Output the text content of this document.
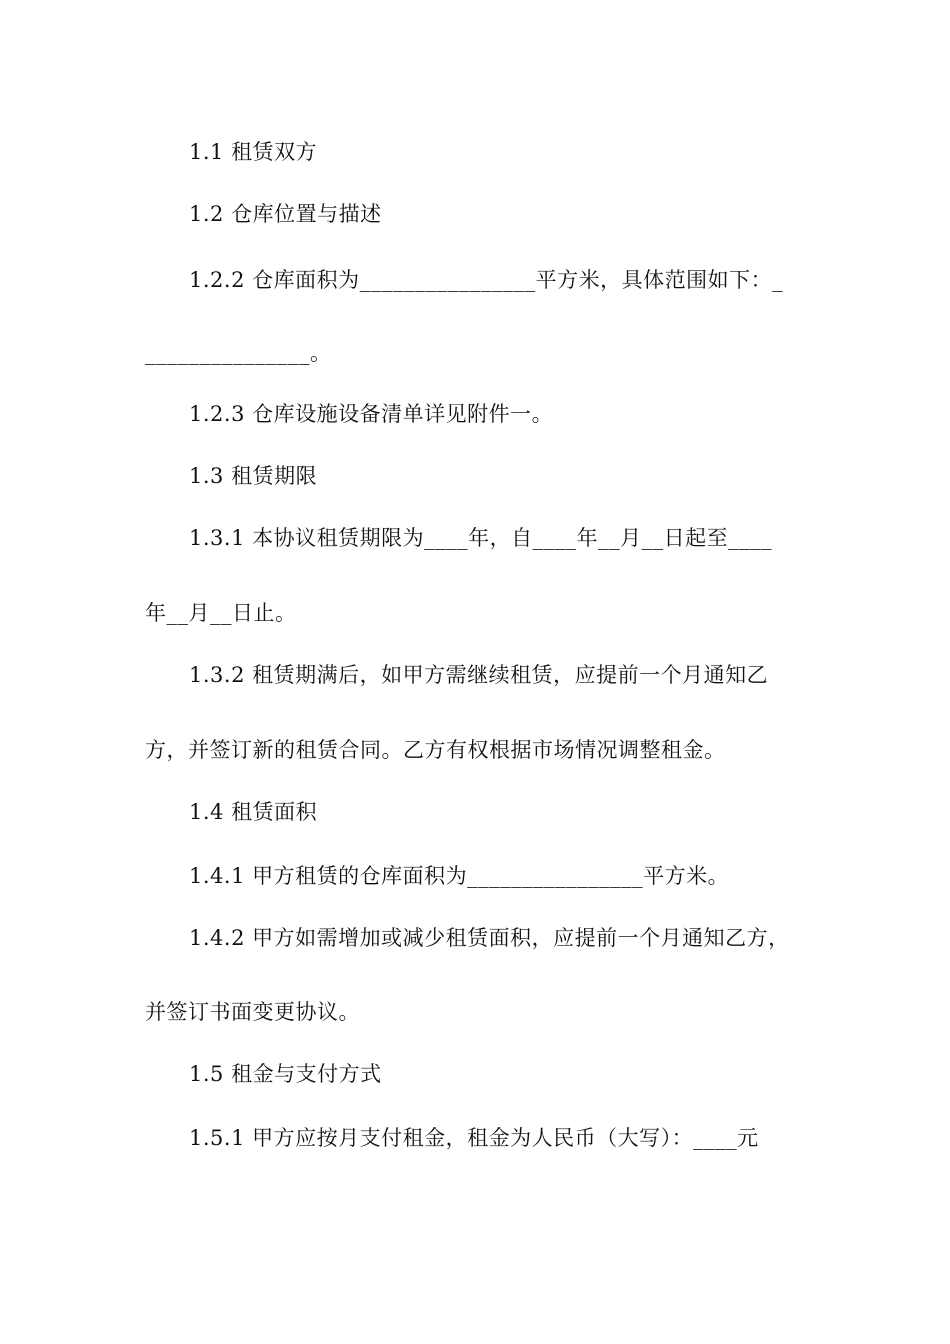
1.1 租赁双方
1.2 仓库位置与描述
1.2.2 仓库面积为________________平方米，具体范围如下：_
_______________。
1.2.3 仓库设施设备清单详见附件一。
1.3 租赁期限
1.3.1 本协议租赁期限为____年，自____年__月__日起至____
年__月__日止。
1.3.2 租赁期满后，如甲方需继续租赁，应提前一个月通知乙
方，并签订新的租赁合同。乙方有权根据市场情况调整租金。
1.4 租赁面积
1.4.1 甲方租赁的仓库面积为________________平方米。
1.4.2 甲方如需增加或减少租赁面积，应提前一个月通知乙方，
并签订书面变更协议。
1.5 租金与支付方式
1.5.1 甲方应按月支付租金，租金为人民币（大写）：____元
